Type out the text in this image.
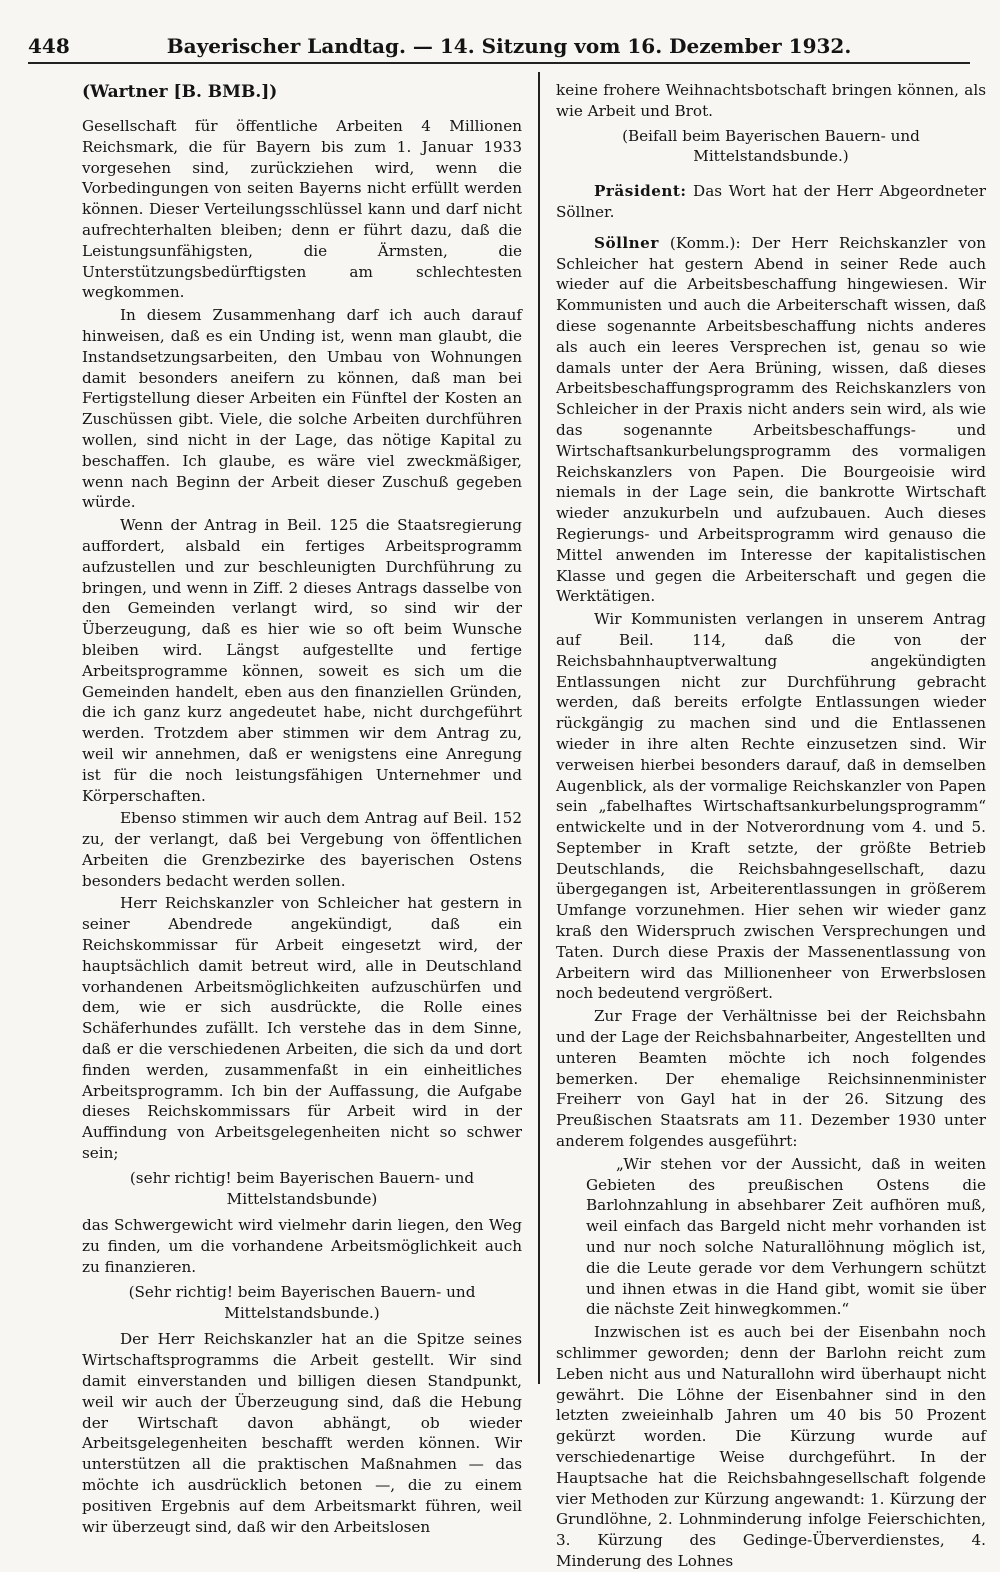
448	Bayerischer Landtag. — 14. Sitzung vom 16. Dezember 1932.
(Wartner [B. BMB.])

Gesellschaft für öffentliche Arbeiten 4 Millionen Reichsmark, die für Bayern bis zum 1. Januar 1933 vorgesehen sind, zurückziehen wird, wenn die Vorbedingungen von seiten Bayerns nicht erfüllt werden können. Dieser Verteilungsschlüssel kann und darf nicht aufrechterhalten bleiben; denn er führt dazu, daß die Leistungsunfähigsten, die Ärmsten, die Unterstützungsbedürftigsten am schlechtesten wegkommen.

In diesem Zusammenhang darf ich auch darauf hinweisen, daß es ein Unding ist, wenn man glaubt, die Instandsetzungsarbeiten, den Umbau von Wohnungen damit besonders aneifern zu können, daß man bei Fertigstellung dieser Arbeiten ein Fünftel der Kosten an Zuschüssen gibt. Viele, die solche Arbeiten durchführen wollen, sind nicht in der Lage, das nötige Kapital zu beschaffen. Ich glaube, es wäre viel zweckmäßiger, wenn nach Beginn der Arbeit dieser Zuschuß gegeben würde.

Wenn der Antrag in Beil. 125 die Staatsregierung auffordert, alsbald ein fertiges Arbeitsprogramm aufzustellen und zur beschleunigten Durchführung zu bringen, und wenn in Ziff. 2 dieses Antrags dasselbe von den Gemeinden verlangt wird, so sind wir der Überzeugung, daß es hier wie so oft beim Wunsche bleiben wird. Längst aufgestellte und fertige Arbeitsprogramme können, soweit es sich um die Gemeinden handelt, eben aus den finanziellen Gründen, die ich ganz kurz angedeutet habe, nicht durchgeführt werden. Trotzdem aber stimmen wir dem Antrag zu, weil wir annehmen, daß er wenigstens eine Anregung ist für die noch leistungsfähigen Unternehmer und Körperschaften.

Ebenso stimmen wir auch dem Antrag auf Beil. 152 zu, der verlangt, daß bei Vergebung von öffentlichen Arbeiten die Grenzbezirke des bayerischen Ostens besonders bedacht werden sollen.

Herr Reichskanzler von Schleicher hat gestern in seiner Abendrede angekündigt, daß ein Reichskommissar für Arbeit eingesetzt wird, der hauptsächlich damit betreut wird, alle in Deutschland vorhandenen Arbeitsmöglichkeiten aufzuschürfen und dem, wie er sich ausdrückte, die Rolle eines Schäferhundes zufällt. Ich verstehe das in dem Sinne, daß er die verschiedenen Arbeiten, die sich da und dort finden werden, zusammenfaßt in ein einheitliches Arbeitsprogramm. Ich bin der Auffassung, die Aufgabe dieses Reichskommissars für Arbeit wird in der Auffindung von Arbeitsgelegenheiten nicht so schwer sein;

(sehr richtig! beim Bayerischen Bauern- und Mittelstandsbunde)

das Schwergewicht wird vielmehr darin liegen, den Weg zu finden, um die vorhandene Arbeitsmöglichkeit auch zu finanzieren.

(Sehr richtig! beim Bayerischen Bauern- und Mittelstandsbunde.)

Der Herr Reichskanzler hat an die Spitze seines Wirtschaftsprogramms die Arbeit gestellt. Wir sind damit einverstanden und billigen diesen Standpunkt, weil wir auch der Überzeugung sind, daß die Hebung der Wirtschaft davon abhängt, ob wieder Arbeitsgelegenheiten beschafft werden können. Wir unterstützen all die praktischen Maßnahmen — das möchte ich ausdrücklich betonen —, die zu einem positiven Ergebnis auf dem Arbeitsmarkt führen, weil wir überzeugt sind, daß wir den Arbeitslosen

keine frohere Weihnachtsbotschaft bringen können, als wie Arbeit und Brot.

(Beifall beim Bayerischen Bauern- und Mittelstandsbunde.)

Präsident: Das Wort hat der Herr Abgeordneter Söllner.

Söllner (Komm.): Der Herr Reichskanzler von Schleicher hat gestern Abend in seiner Rede auch wieder auf die Arbeitsbeschaffung hingewiesen. Wir Kommunisten und auch die Arbeiterschaft wissen, daß diese sogenannte Arbeitsbeschaffung nichts anderes als auch ein leeres Versprechen ist, genau so wie damals unter der Aera Brüning, wissen, daß dieses Arbeitsbeschaffungsprogramm des Reichskanzlers von Schleicher in der Praxis nicht anders sein wird, als wie das sogenannte Arbeitsbeschaffungs- und Wirtschaftsankurbelungsprogramm des vormaligen Reichskanzlers von Papen. Die Bourgeoisie wird niemals in der Lage sein, die bankrotte Wirtschaft wieder anzukurbeln und aufzubauen. Auch dieses Regierungs- und Arbeitsprogramm wird genauso die Mittel anwenden im Interesse der kapitalistischen Klasse und gegen die Arbeiterschaft und gegen die Werktätigen.

Wir Kommunisten verlangen in unserem Antrag auf Beil. 114, daß die von der Reichsbahnhauptverwaltung angekündigten Entlassungen nicht zur Durchführung gebracht werden, daß bereits erfolgte Entlassungen wieder rückgängig zu machen sind und die Entlassenen wieder in ihre alten Rechte einzusetzen sind. Wir verweisen hierbei besonders darauf, daß in demselben Augenblick, als der vormalige Reichskanzler von Papen sein „fabelhaftes Wirtschaftsankurbelungsprogramm“ entwickelte und in der Notverordnung vom 4. und 5. September in Kraft setzte, der größte Betrieb Deutschlands, die Reichsbahngesellschaft, dazu übergegangen ist, Arbeiterentlassungen in größerem Umfange vorzunehmen. Hier sehen wir wieder ganz kraß den Widerspruch zwischen Versprechungen und Taten. Durch diese Praxis der Massenentlassung von Arbeitern wird das Millionenheer von Erwerbslosen noch bedeutend vergrößert.

Zur Frage der Verhältnisse bei der Reichsbahn und der Lage der Reichsbahnarbeiter, Angestellten und unteren Beamten möchte ich noch folgendes bemerken. Der ehemalige Reichsinnenminister Freiherr von Gayl hat in der 26. Sitzung des Preußischen Staatsrats am 11. Dezember 1930 unter anderem folgendes ausgeführt:

„Wir stehen vor der Aussicht, daß in weiten Gebieten des preußischen Ostens die Barlohnzahlung in absehbarer Zeit aufhören muß, weil einfach das Bargeld nicht mehr vorhanden ist und nur noch solche Naturallöhnung möglich ist, die die Leute gerade vor dem Verhungern schützt und ihnen etwas in die Hand gibt, womit sie über die nächste Zeit hinwegkommen.“

Inzwischen ist es auch bei der Eisenbahn noch schlimmer geworden; denn der Barlohn reicht zum Leben nicht aus und Naturallohn wird überhaupt nicht gewährt. Die Löhne der Eisenbahner sind in den letzten zweieinhalb Jahren um 40 bis 50 Prozent gekürzt worden. Die Kürzung wurde auf verschiedenartige Weise durchgeführt. In der Hauptsache hat die Reichsbahngesellschaft folgende vier Methoden zur Kürzung angewandt: 1. Kürzung der Grundlöhne, 2. Lohnminderung infolge Feierschichten, 3. Kürzung des Gedinge-Überverdienstes, 4. Minderung des Lohnes
